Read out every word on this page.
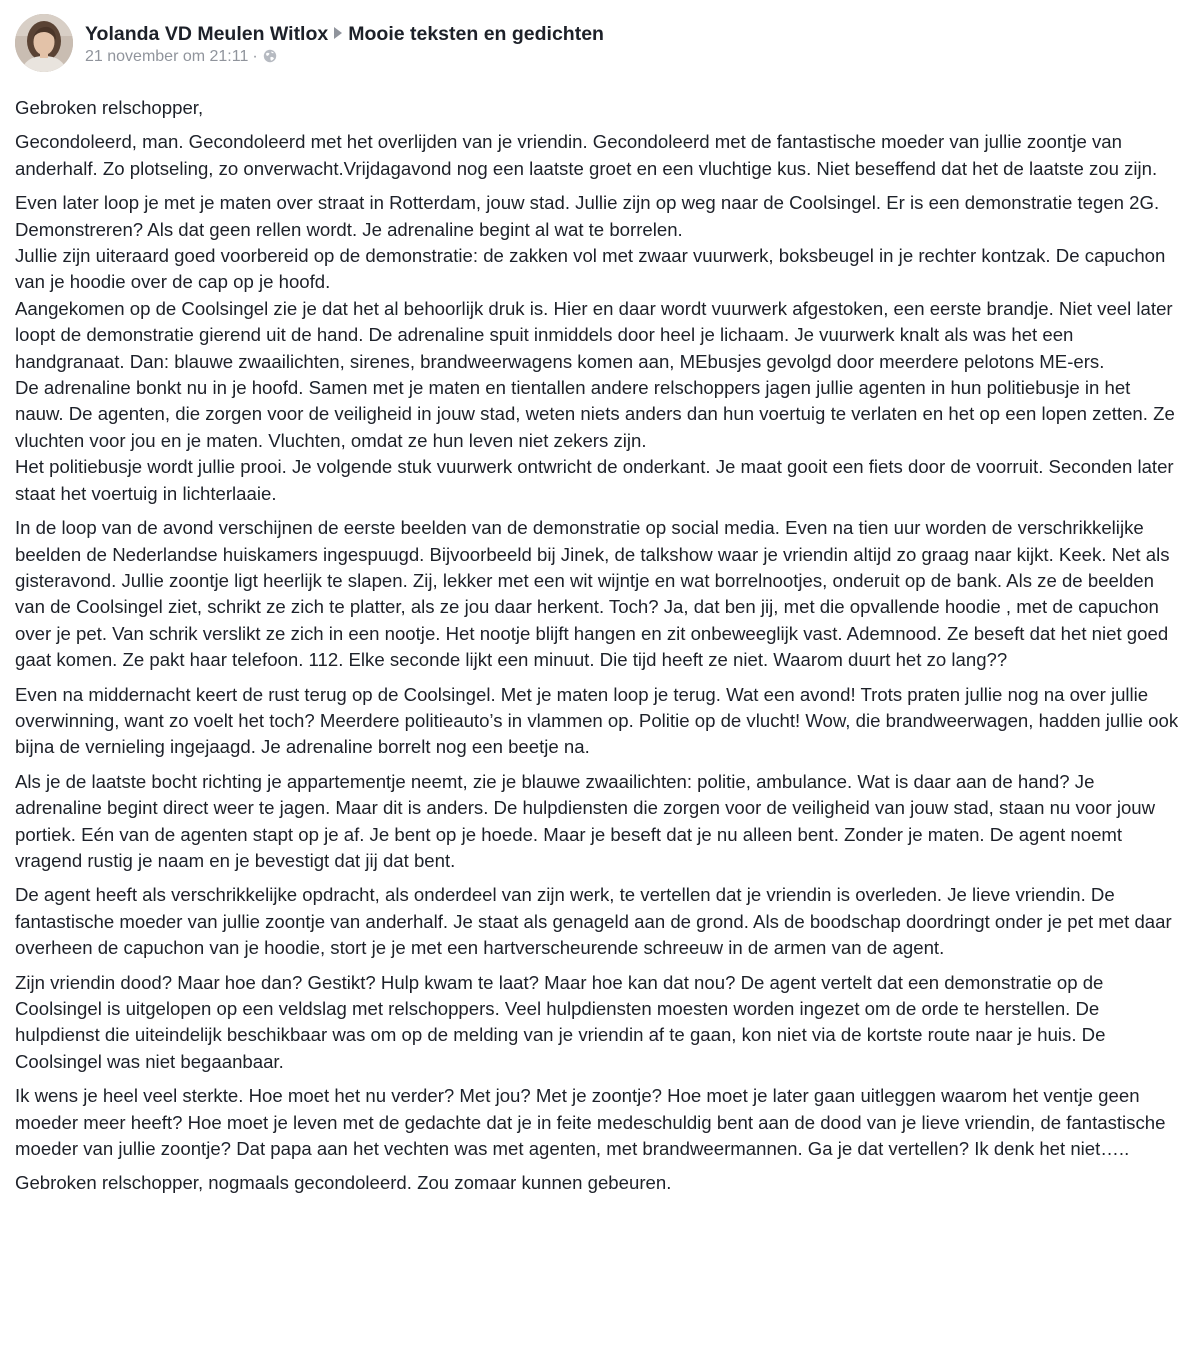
Yolanda VD Meulen Witlox Mooie teksten en gedichten
21 november om 21:11 ·

Gebroken relschopper,

Gecondoleerd, man. Gecondoleerd met het overlijden van je vriendin. Gecondoleerd met de fantastische moeder van jullie zoontje van anderhalf. Zo plotseling, zo onverwacht.Vrijdagavond nog een laatste groet en een vluchtige kus. Niet beseffend dat het de laatste zou zijn.

Even later loop je met je maten over straat in Rotterdam, jouw stad. Jullie zijn op weg naar de Coolsingel. Er is een demonstratie tegen 2G. Demonstreren? Als dat geen rellen wordt. Je adrenaline begint al wat te borrelen.
Jullie zijn uiteraard goed voorbereid op de demonstratie: de zakken vol met zwaar vuurwerk, boksbeugel in je rechter kontzak. De capuchon van je hoodie over de cap op je hoofd.
Aangekomen op de Coolsingel zie je dat het al behoorlijk druk is. Hier en daar wordt vuurwerk afgestoken, een eerste brandje. Niet veel later loopt de demonstratie gierend uit de hand. De adrenaline spuit inmiddels door heel je lichaam. Je vuurwerk knalt als was het een handgranaat. Dan: blauwe zwaailichten, sirenes, brandweerwagens komen aan, MEbusjes gevolgd door meerdere pelotons ME-ers.
De adrenaline bonkt nu in je hoofd. Samen met je maten en tientallen andere relschoppers jagen jullie agenten in hun politiebusje in het nauw. De agenten, die zorgen voor de veiligheid in jouw stad, weten niets anders dan hun voertuig te verlaten en het op een lopen zetten. Ze vluchten voor jou en je maten. Vluchten, omdat ze hun leven niet zekers zijn.
Het politiebusje wordt jullie prooi. Je volgende stuk vuurwerk ontwricht de onderkant. Je maat gooit een fiets door de voorruit. Seconden later staat het voertuig in lichterlaaie.

In de loop van de avond verschijnen de eerste beelden van de demonstratie op social media. Even na tien uur worden de verschrikkelijke beelden de Nederlandse huiskamers ingespuugd. Bijvoorbeeld bij Jinek, de talkshow waar je vriendin altijd zo graag naar kijkt. Keek. Net als gisteravond. Jullie zoontje ligt heerlijk te slapen. Zij, lekker met een wit wijntje en wat borrelnootjes, onderuit op de bank. Als ze de beelden van de Coolsingel ziet, schrikt ze zich te platter, als ze jou daar herkent. Toch? Ja, dat ben jij, met die opvallende hoodie , met de capuchon over je pet. Van schrik verslikt ze zich in een nootje. Het nootje blijft hangen en zit onbeweeglijk vast. Ademnood. Ze beseft dat het niet goed gaat komen. Ze pakt haar telefoon. 112. Elke seconde lijkt een minuut. Die tijd heeft ze niet. Waarom duurt het zo lang??

Even na middernacht keert de rust terug op de Coolsingel. Met je maten loop je terug. Wat een avond! Trots praten jullie nog na over jullie overwinning, want zo voelt het toch? Meerdere politieauto’s in vlammen op. Politie op de vlucht! Wow, die brandweerwagen, hadden jullie ook bijna de vernieling ingejaagd. Je adrenaline borrelt nog een beetje na.

Als je de laatste bocht richting je appartementje neemt, zie je blauwe zwaailichten: politie, ambulance. Wat is daar aan de hand? Je adrenaline begint direct weer te jagen. Maar dit is anders. De hulpdiensten die zorgen voor de veiligheid van jouw stad, staan nu voor jouw portiek. Eén van de agenten stapt op je af. Je bent op je hoede. Maar je beseft dat je nu alleen bent. Zonder je maten. De agent noemt vragend rustig je naam en je bevestigt dat jij dat bent.

De agent heeft als verschrikkelijke opdracht, als onderdeel van zijn werk, te vertellen dat je vriendin is overleden. Je lieve vriendin. De fantastische moeder van jullie zoontje van anderhalf. Je staat als genageld aan de grond. Als de boodschap doordringt onder je pet met daar overheen de capuchon van je hoodie, stort je je met een hartverscheurende schreeuw in de armen van de agent.

Zijn vriendin dood? Maar hoe dan? Gestikt? Hulp kwam te laat? Maar hoe kan dat nou? De agent vertelt dat een demonstratie op de Coolsingel is uitgelopen op een veldslag met relschoppers. Veel hulpdiensten moesten worden ingezet om de orde te herstellen. De hulpdienst die uiteindelijk beschikbaar was om op de melding van je vriendin af te gaan, kon niet via de kortste route naar je huis. De Coolsingel was niet begaanbaar.

Ik wens je heel veel sterkte. Hoe moet het nu verder? Met jou? Met je zoontje? Hoe moet je later gaan uitleggen waarom het ventje geen moeder meer heeft? Hoe moet je leven met de gedachte dat je in feite medeschuldig bent aan de dood van je lieve vriendin, de fantastische moeder van jullie zoontje? Dat papa aan het vechten was met agenten, met brandweermannen. Ga je dat vertellen? Ik denk het niet…..

Gebroken relschopper, nogmaals gecondoleerd. Zou zomaar kunnen gebeuren.
